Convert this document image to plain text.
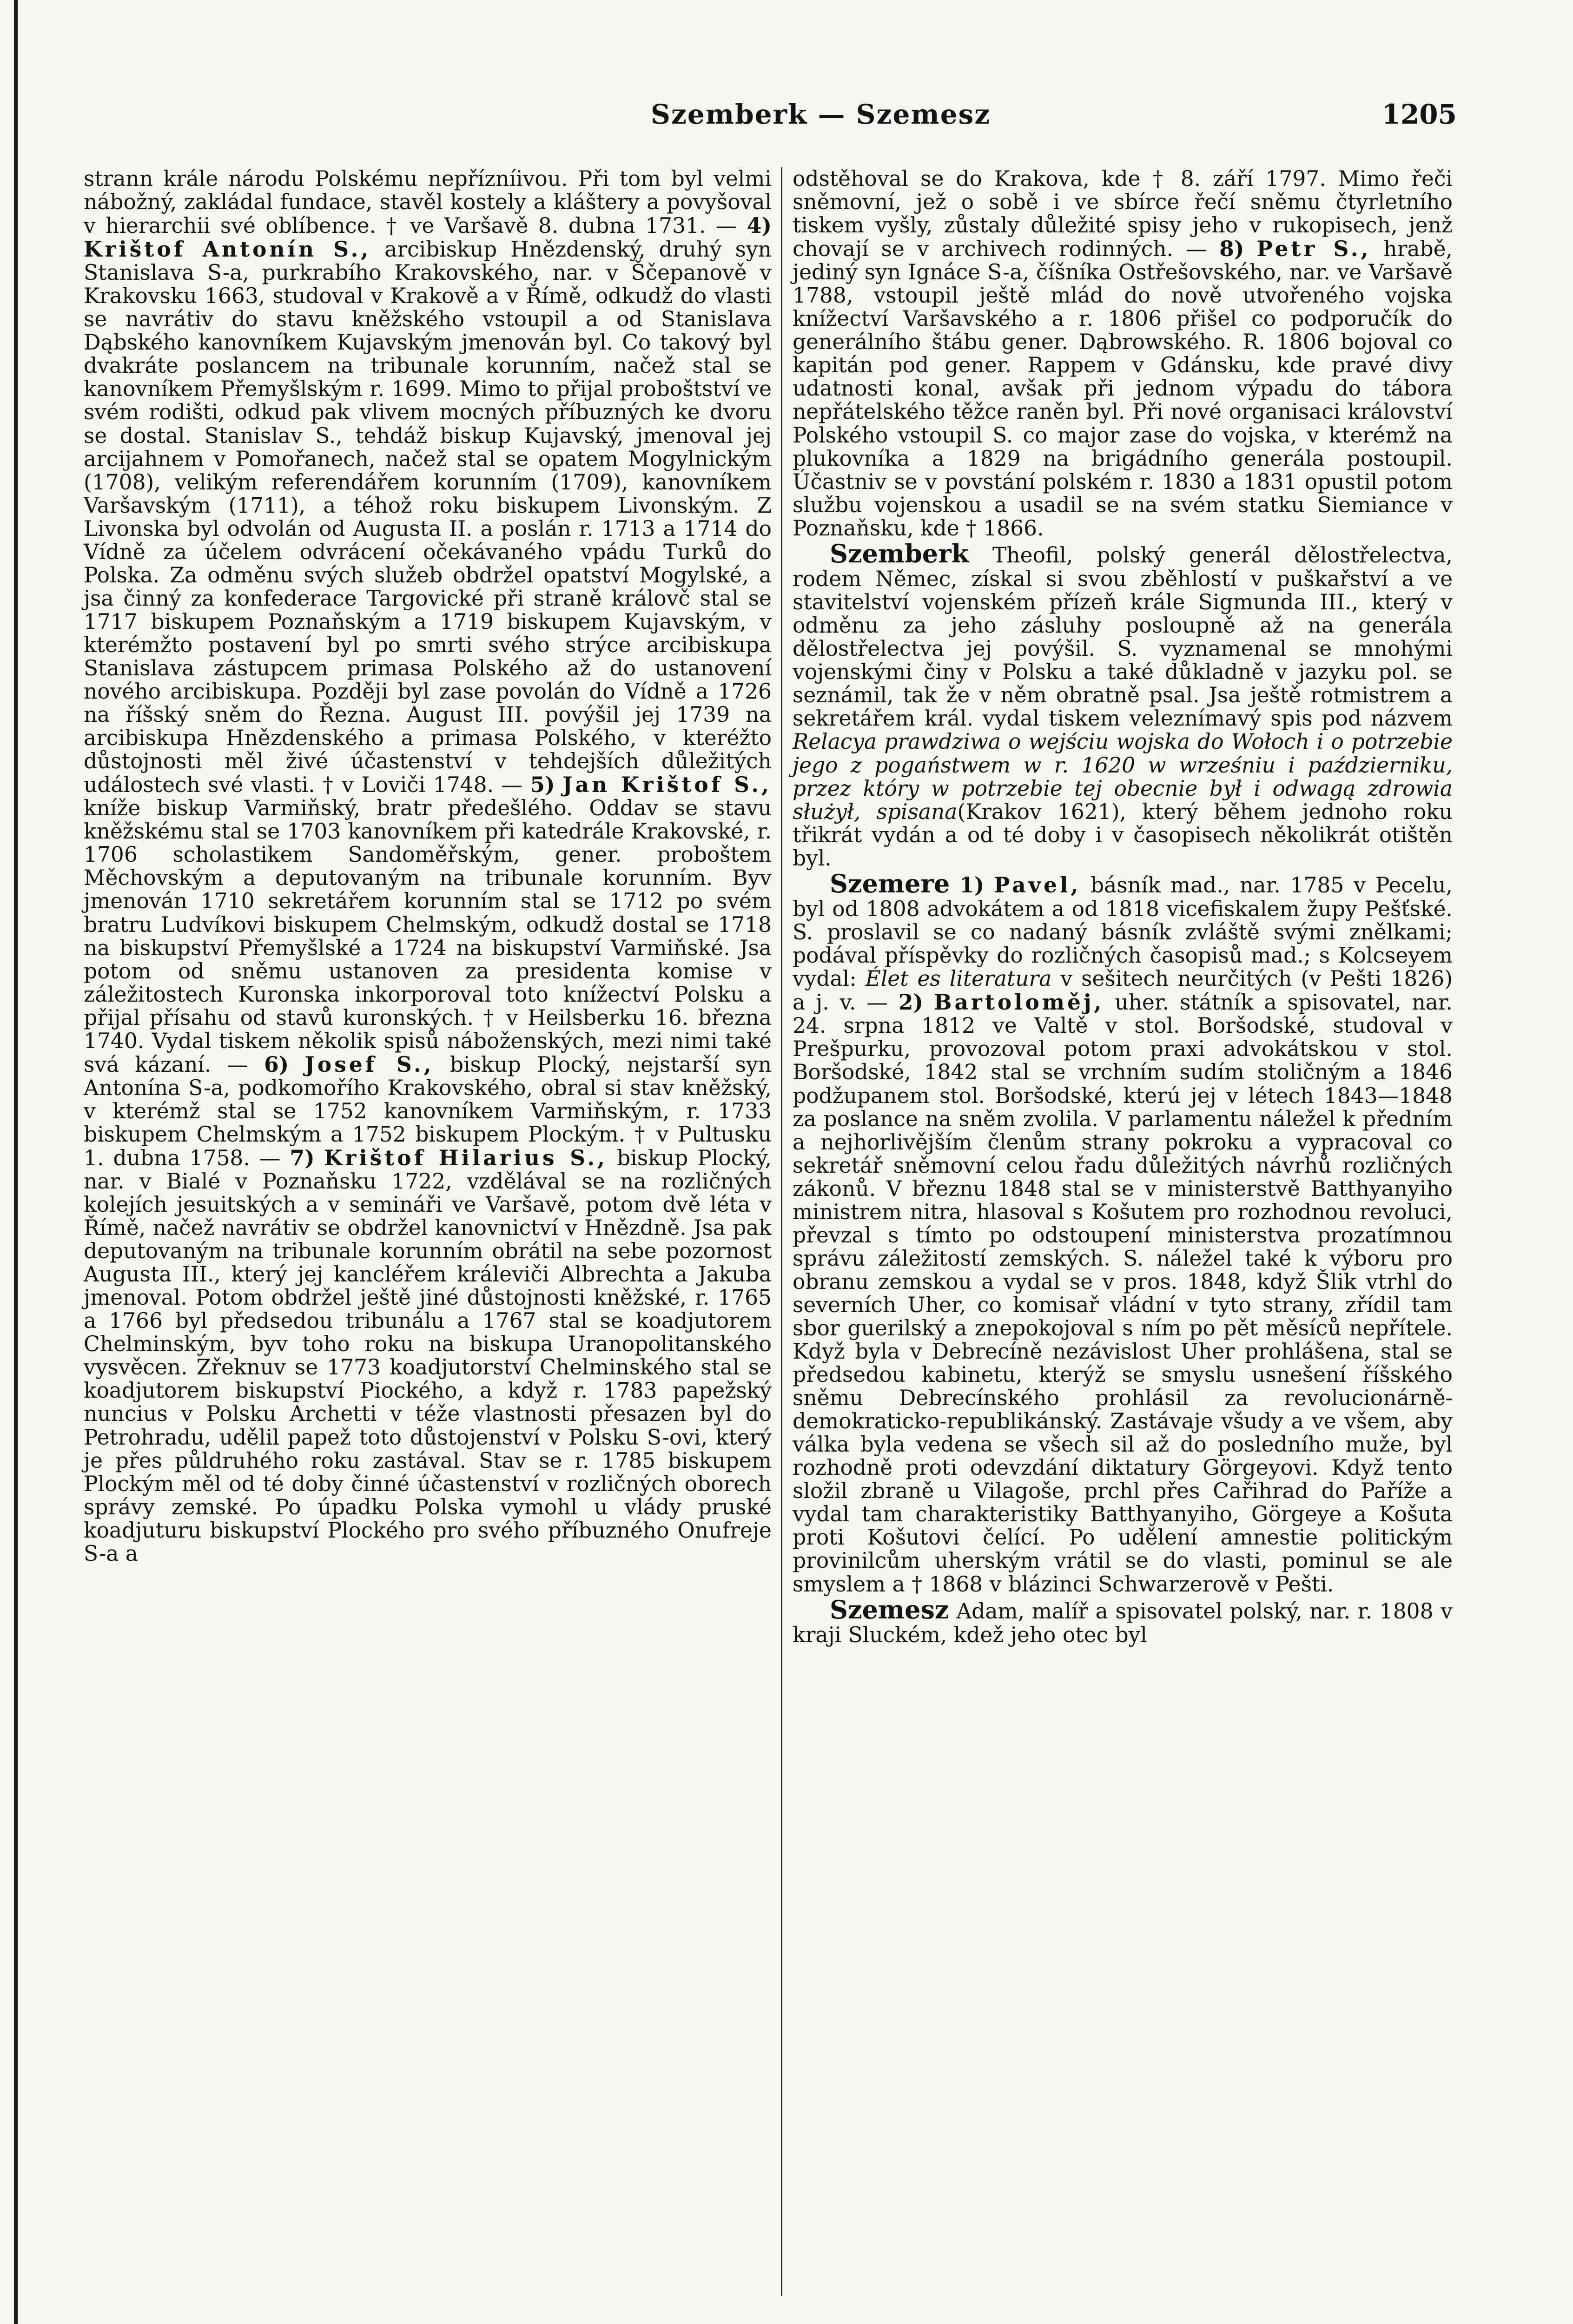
Szemberk — Szemesz	1205

strann krále národu Polskému nepřízníivou. Při tom byl velmi nábožný, zakládal fundace, stavěl kostely a kláštery a povyšoval v hierarchii své oblíbence. † ve Varšavě 8. dubna 1731. — 4) Krištof Antonín S., arcibiskup Hnězdenský, druhý syn Stanislava S-a, purkrabího Krakovského, nar. v Ščepanově v Krakovsku 1663, studoval v Krakově a v Římě, odkudž do vlasti se navrátiv do stavu kněžského vstoupil a od Stanislava Dąbského kanovníkem Kujavským jmenován byl. Co takový byl dvakráte poslancem na tribunale korunním, načež stal se kanovníkem Přemyšlským r. 1699. Mimo to přijal proboštství ve svém rodišti, odkud pak vlivem mocných příbuzných ke dvoru se dostal. Stanislav S., tehdáž biskup Kujavský, jmenoval jej arcijahnem v Pomořanech, načež stal se opatem Mogylnickým (1708), velikým referendářem korunním (1709), kanovníkem Varšavským (1711), a téhož roku biskupem Livonským. Z Livonska byl odvolán od Augusta II. a poslán r. 1713 a 1714 do Vídně za účelem odvrácení očekávaného vpádu Turků do Polska. Za odměnu svých služeb obdržel opatství Mogylské, a jsa činný za konfederace Targovické při straně královč stal se 1717 biskupem Poznaňským a 1719 biskupem Kujavským, v kterémžto postavení byl po smrti svého strýce arcibiskupa Stanislava zástupcem primasa Polského až do ustanovení nového arcibiskupa. Později byl zase povolán do Vídně a 1726 na říšský sněm do Řezna. August III. povýšil jej 1739 na arcibiskupa Hnězdenského a primasa Polského, v kteréžto důstojnosti měl živé účastenství v tehdejších důležitých událostech své vlasti. † v Loviči 1748. — 5) Jan Krištof S., kníže biskup Varmiňský, bratr předešlého. Oddav se stavu kněžskému stal se 1703 kanovníkem při katedrále Krakovské, r. 1706 scholastikem Sandoměřským, gener. proboštem Měchovským a deputovaným na tribunale korunním. Byv jmenován 1710 sekretářem korunním stal se 1712 po svém bratru Ludvíkovi biskupem Chelmským, odkudž dostal se 1718 na biskupství Přemyšlské a 1724 na biskupství Varmiňské. Jsa potom od sněmu ustanoven za presidenta komise v záležitostech Kuronska inkorporoval toto knížectví Polsku a přijal přísahu od stavů kuronských. † v Heilsberku 16. března 1740. Vydal tiskem několik spisů náboženských, mezi nimi také svá kázaní. — 6) Josef S., biskup Plocký, nejstarší syn Antonína S-a, podkomořího Krakovského, obral si stav kněžský, v kterémž stal se 1752 kanovníkem Varmiňským, r. 1733 biskupem Chelmským a 1752 biskupem Plockým. † v Pultusku 1. dubna 1758. — 7) Krištof Hilarius S., biskup Plocký, nar. v Bialé v Poznaňsku 1722, vzdělával se na rozličných kolejích jesuitských a v semináři ve Varšavě, potom dvě léta v Římě, načež navrátiv se obdržel kanovnictví v Hnězdně. Jsa pak deputovaným na tribunale korunním obrátil na sebe pozornost Augusta III., který jej kancléřem králeviči Albrechta a Jakuba jmenoval. Potom obdržel ještě jiné důstojnosti kněžské, r. 1765 a 1766 byl předsedou tribunálu a 1767 stal se koadjutorem Chelminským, byv toho roku na biskupa Uranopolitanského vysvěcen. Zřeknuv se 1773 koadjutorství Chelminského stal se koadjutorem biskupství Piockého, a když r. 1783 papežský nuncius v Polsku Archetti v téže vlastnosti přesazen byl do Petrohradu, udělil papež toto důstojenství v Polsku S-ovi, který je přes půldruhého roku zastával. Stav se r. 1785 biskupem Plockým měl od té doby činné účastenství v rozličných oborech správy zemské. Po úpadku Polska vymohl u vlády pruské koadjuturu biskupství Plockého pro svého příbuzného Onufreje S-a a

odstěhoval se do Krakova, kde † 8. září 1797. Mimo řeči sněmovní, jež o sobě i ve sbírce řečí sněmu čtyrletního tiskem vyšly, zůstaly důležité spisy jeho v rukopisech, jenž chovají se v archivech rodinných. — 8) Petr S., hrabě, jediný syn Ignáce S-a, číšníka Ostřešovského, nar. ve Varšavě 1788, vstoupil ještě mlád do nově utvořeného vojska knížectví Varšavského a r. 1806 přišel co podporučík do generálního štábu gener. Dąbrowského. R. 1806 bojoval co kapitán pod gener. Rappem v Gdánsku, kde pravé divy udatnosti konal, avšak při jednom výpadu do tábora nepřátelského těžce raněn byl. Při nové organisaci království Polského vstoupil S. co major zase do vojska, v kterémž na plukovníka a 1829 na brigádního generála postoupil. Účastniv se v povstání polském r. 1830 a 1831 opustil potom službu vojenskou a usadil se na svém statku Siemiance v Poznaňsku, kde † 1866.

Szemberk Theofil, polský generál dělostřelectva, rodem Němec, získal si svou zběhlostí v puškařství a ve stavitelství vojenském přízeň krále Sigmunda III., který v odměnu za jeho zásluhy posloupně až na generála dělostřelectva jej povýšil. S. vyznamenal se mnohými vojenskými činy v Polsku a také důkladně v jazyku pol. se seznámil, tak že v něm obratně psal. Jsa ještě rotmistrem a sekretářem král. vydal tiskem veleznímavý spis pod názvem Relacya prawdziwa o wejściu wojska do Wołoch i o potrzebie jego z pogaństwem w r. 1620 w wrześniu i październiku, przez który w potrzebie tej obecnie był i odwagą zdrowia służył, spisana(Krakov 1621), který během jednoho roku třikrát vydán a od té doby i v časopisech několikrát otištěn byl.

Szemere 1) Pavel, básník mad., nar. 1785 v Pecelu, byl od 1808 advokátem a od 1818 vicefiskalem župy Pešťské. S. proslavil se co nadaný básník zvláště svými znělkami; podával příspěvky do rozličných časopisů mad.; s Kolcseyem vydal: Élet es literatura v sešitech neurčitých (v Pešti 1826) a j. v. — 2) Bartoloměj, uher. státník a spisovatel, nar. 24. srpna 1812 ve Valtě v stol. Boršodské, studoval v Prešpurku, provozoval potom praxi advokátskou v stol. Boršodské, 1842 stal se vrchním sudím stoličným a 1846 podžupanem stol. Boršodské, kterú jej v létech 1843—1848 za poslance na sněm zvolila. V parlamentu náležel k předním a nejhorlivějším členům strany pokroku a vypracoval co sekretář sněmovní celou řadu důležitých návrhů rozličných zákonů. V březnu 1848 stal se v ministerstvě Batthyanyiho ministrem nitra, hlasoval s Košutem pro rozhodnou revoluci, převzal s tímto po odstoupení ministerstva prozatímnou správu záležitostí zemských. S. náležel také k výboru pro obranu zemskou a vydal se v pros. 1848, když Šlik vtrhl do severních Uher, co komisař vládní v tyto strany, zřídil tam sbor guerilský a znepokojoval s ním po pět měsíců nepřítele. Když byla v Debrecíně nezávislost Uher prohlášena, stal se předsedou kabinetu, kterýž se smyslu usnešení říšského sněmu Debrecínského prohlásil za revolucionárně-demokraticko-republikánský. Zastávaje všudy a ve všem, aby válka byla vedena se všech sil až do posledního muže, byl rozhodně proti odevzdání diktatury Görgeyovi. Když tento složil zbraně u Vilagoše, prchl přes Cařihrad do Paříže a vydal tam charakteristiky Batthyanyiho, Görgeye a Košuta proti Košutovi čelící. Po udělení amnestie politickým provinilcům uherským vrátil se do vlasti, pominul se ale smyslem a † 1868 v blázinci Schwarzerově v Pešti.

Szemesz Adam, malíř a spisovatel polský, nar. r. 1808 v kraji Sluckém, kdež jeho otec byl
